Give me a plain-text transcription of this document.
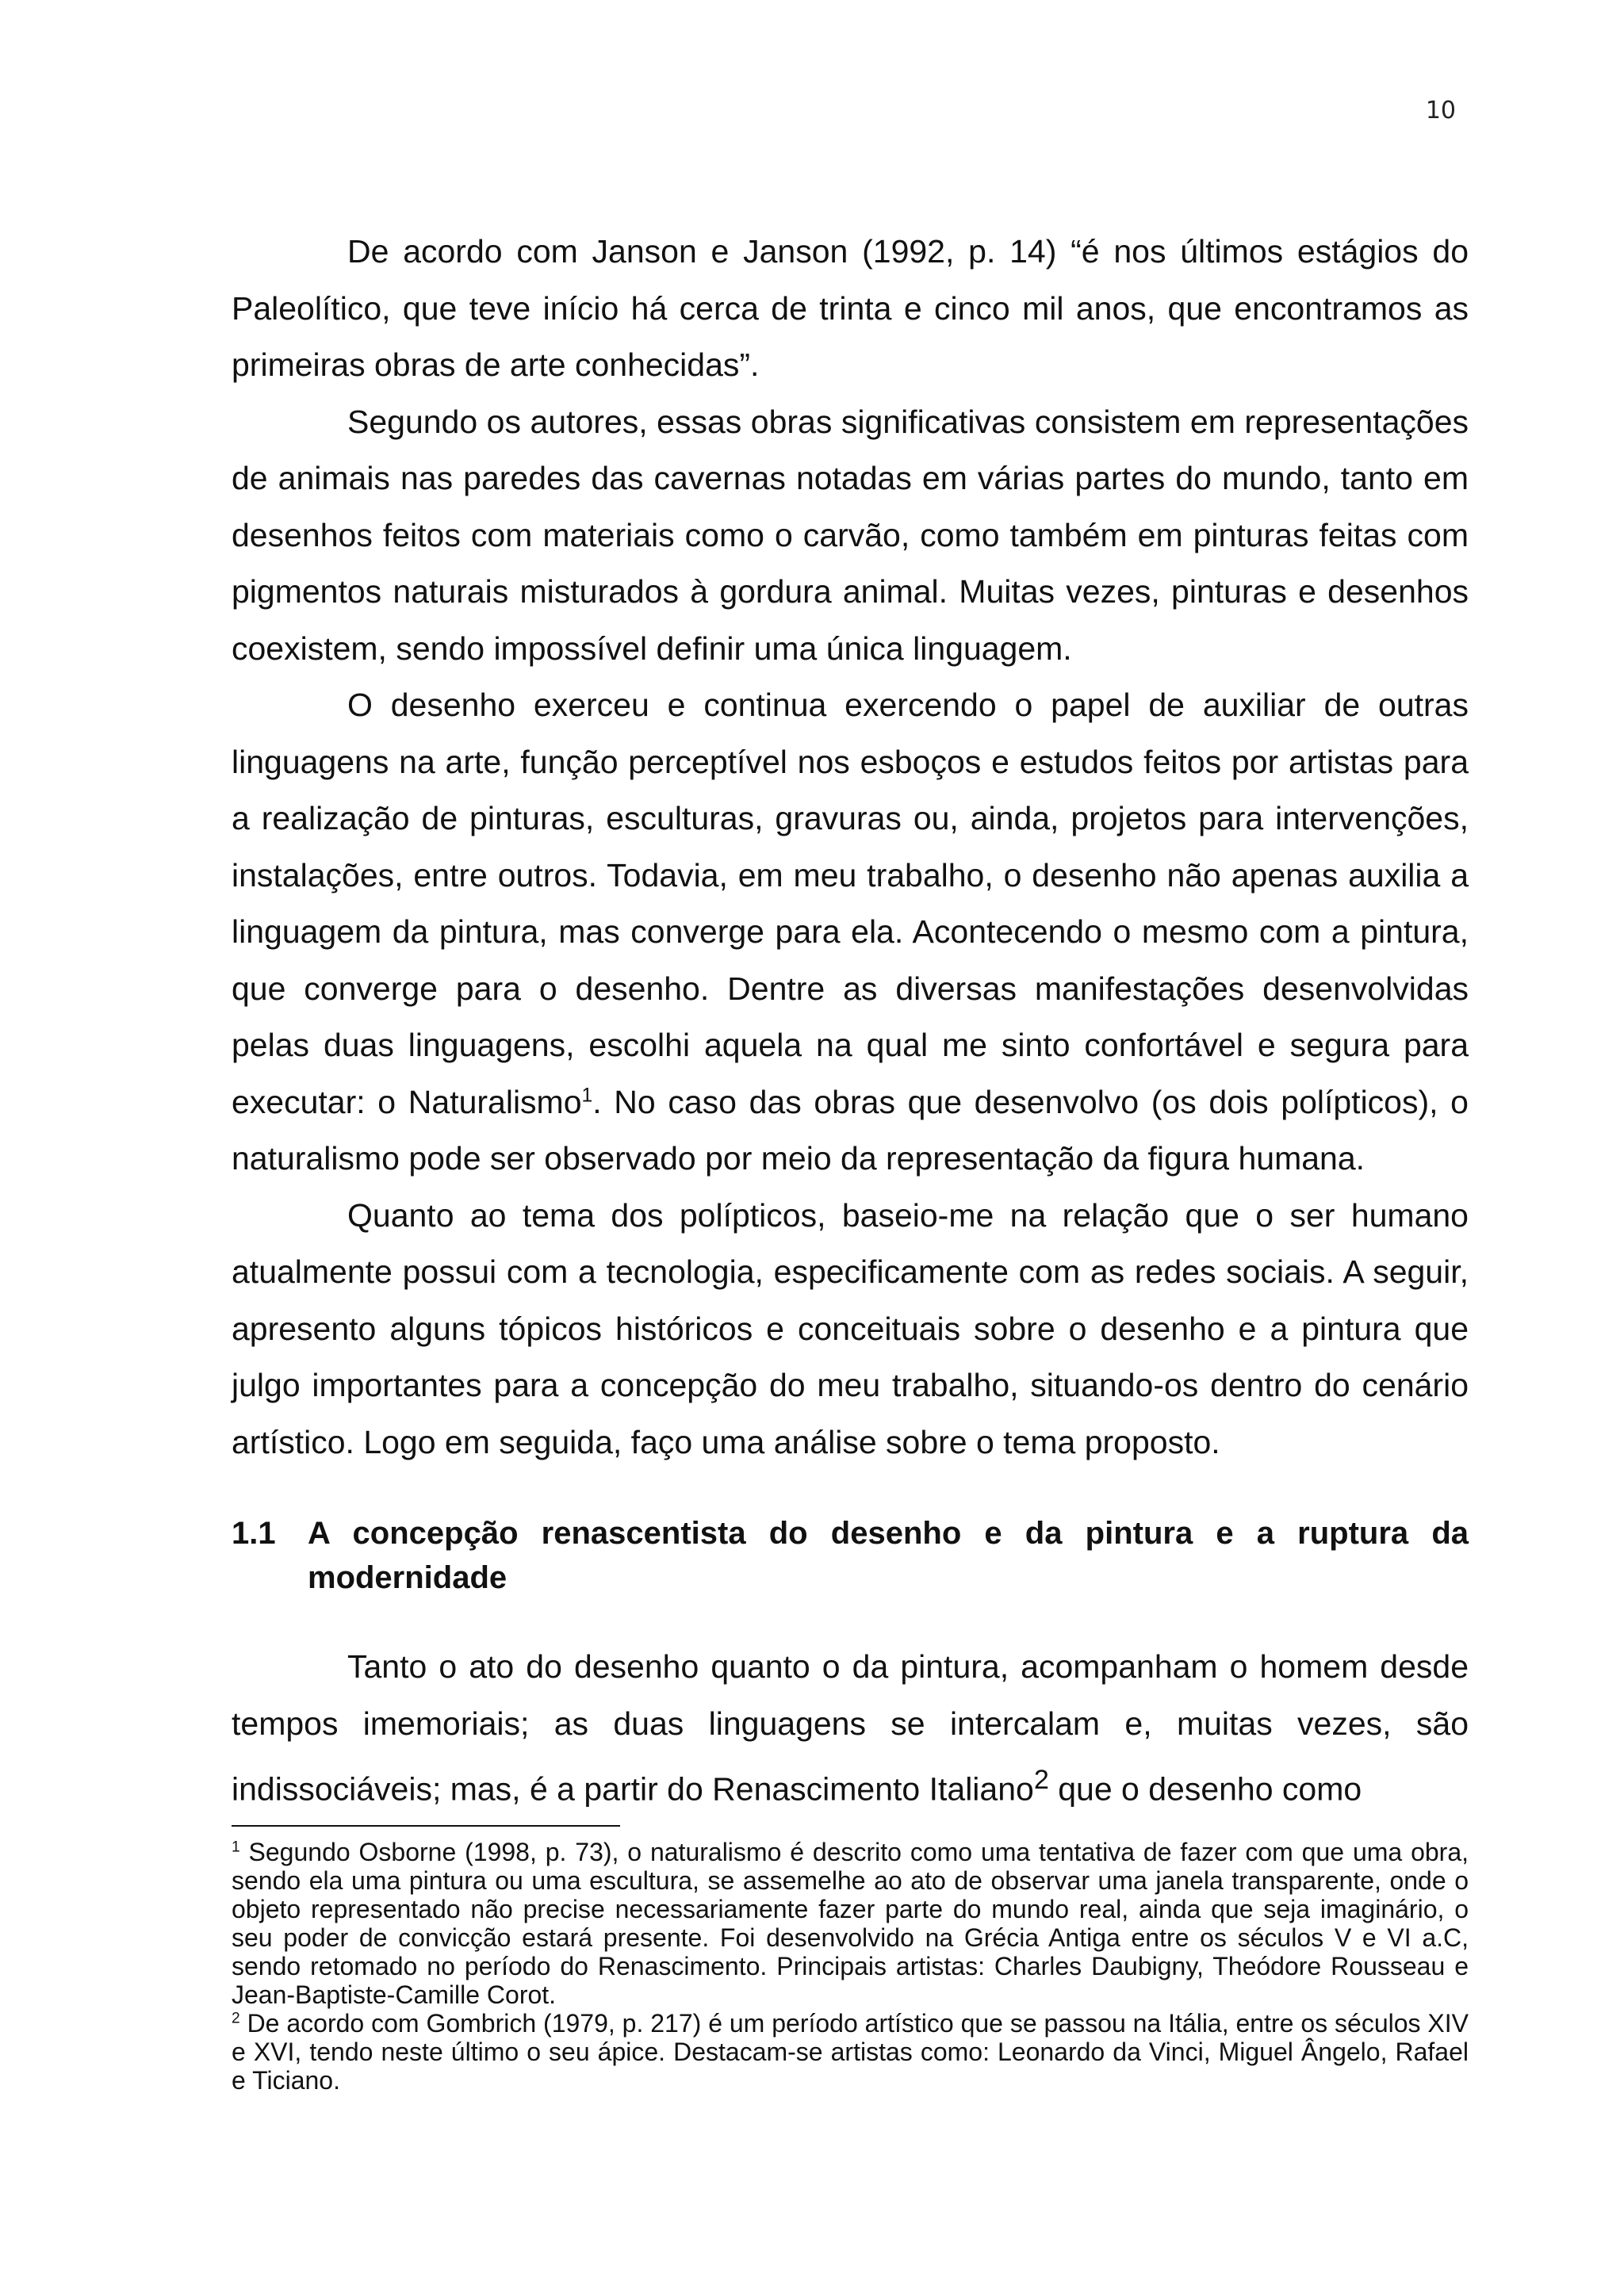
10

De acordo com Janson e Janson (1992, p. 14) “é nos últimos estágios do Paleolítico, que teve início há cerca de trinta e cinco mil anos, que encontramos as primeiras obras de arte conhecidas”.

Segundo os autores, essas obras significativas consistem em representações de animais nas paredes das cavernas notadas em várias partes do mundo, tanto em desenhos feitos com materiais como o carvão, como também em pinturas feitas com pigmentos naturais misturados à gordura animal. Muitas vezes, pinturas e desenhos coexistem, sendo impossível definir uma única linguagem.

O desenho exerceu e continua exercendo o papel de auxiliar de outras linguagens na arte, função perceptível nos esboços e estudos feitos por artistas para a realização de pinturas, esculturas, gravuras ou, ainda, projetos para intervenções, instalações, entre outros. Todavia, em meu trabalho, o desenho não apenas auxilia a linguagem da pintura, mas converge para ela. Acontecendo o mesmo com a pintura, que converge para o desenho. Dentre as diversas manifestações desenvolvidas pelas duas linguagens, escolhi aquela na qual me sinto confortável e segura para executar: o Naturalismo$^1$. No caso das obras que desenvolvo (os dois polípticos), o naturalismo pode ser observado por meio da representação da figura humana.

Quanto ao tema dos polípticos, baseio-me na relação que o ser humano atualmente possui com a tecnologia, especificamente com as redes sociais. A seguir, apresento alguns tópicos históricos e conceituais sobre o desenho e a pintura que julgo importantes para a concepção do meu trabalho, situando-os dentro do cenário artístico. Logo em seguida, faço uma análise sobre o tema proposto.

1.1	A concepção renascentista do desenho e da pintura e a ruptura da modernidade

Tanto o ato do desenho quanto o da pintura, acompanham o homem desde tempos imemoriais; as duas linguagens se intercalam e, muitas vezes, são indissociáveis; mas, é a partir do Renascimento Italiano$^2$ que o desenho como

$^1$ Segundo Osborne (1998, p. 73), o naturalismo é descrito como uma tentativa de fazer com que uma obra, sendo ela uma pintura ou uma escultura, se assemelhe ao ato de observar uma janela transparente, onde o objeto representado não precise necessariamente fazer parte do mundo real, ainda que seja imaginário, o seu poder de convicção estará presente. Foi desenvolvido na Grécia Antiga entre os séculos V e VI a.C, sendo retomado no período do Renascimento. Principais artistas: Charles Daubigny, Theódore Rousseau e Jean-Baptiste-Camille Corot.

$^2$ De acordo com Gombrich (1979, p. 217) é um período artístico que se passou na Itália, entre os séculos XIV e XVI, tendo neste último o seu ápice. Destacam-se artistas como: Leonardo da Vinci, Miguel Ângelo, Rafael e Ticiano.
